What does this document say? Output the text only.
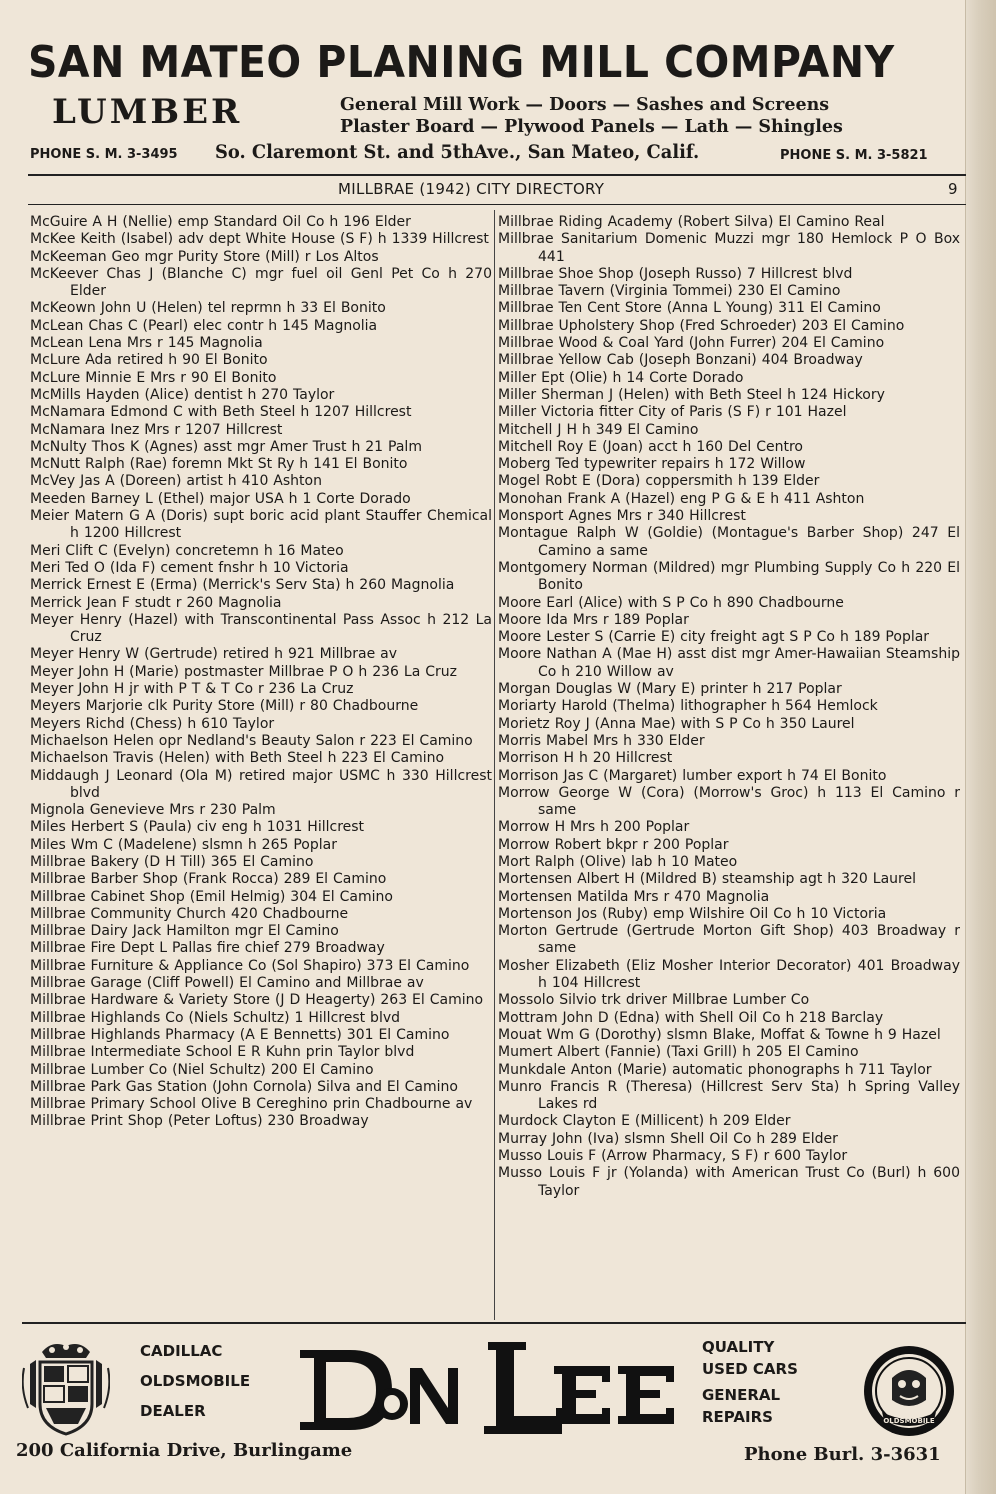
SAN MATEO PLANING MILL COMPANY
LUMBER	General Mill Work — Doors — Sashes and Screens
Plaster Board — Plywood Panels — Lath — Shingles
PHONE S. M. 3-3495 So. Claremont St. and 5thAve., San Mateo, Calif.	PHONE S. M. 3-5821
MILLBRAE (1942) CITY DIRECTORY	9
McGuire A H (Nellie) emp Standard Oil Co h 196 Elder
McKee Keith (Isabel) adv dept White House (S F) h 1339 Hillcrest
McKeeman Geo mgr Purity Store (Mill) r Los Altos
McKeever Chas J (Blanche C) mgr fuel oil Genl Pet Co h 270 Elder
McKeown John U (Helen) tel reprmn h 33 El Bonito
McLean Chas C (Pearl) elec contr h 145 Magnolia
McLean Lena Mrs r 145 Magnolia
McLure Ada retired h 90 El Bonito
McLure Minnie E Mrs r 90 El Bonito
McMills Hayden (Alice) dentist h 270 Taylor
McNamara Edmond C with Beth Steel h 1207 Hillcrest
McNamara Inez Mrs r 1207 Hillcrest
McNulty Thos K (Agnes) asst mgr Amer Trust h 21 Palm
McNutt Ralph (Rae) foremn Mkt St Ry h 141 El Bonito
McVey Jas A (Doreen) artist h 410 Ashton
Meeden Barney L (Ethel) major USA h 1 Corte Dorado
Meier Matern G A (Doris) supt boric acid plant Stauffer Chemical h 1200 Hillcrest
Meri Clift C (Evelyn) concretemn h 16 Mateo
Meri Ted O (Ida F) cement fnshr h 10 Victoria
Merrick Ernest E (Erma) (Merrick's Serv Sta) h 260 Magnolia
Merrick Jean F studt r 260 Magnolia
Meyer Henry (Hazel) with Transcontinental Pass Assoc h 212 La Cruz
Meyer Henry W (Gertrude) retired h 921 Millbrae av
Meyer John H (Marie) postmaster Millbrae P O h 236 La Cruz
Meyer John H jr with P T & T Co r 236 La Cruz
Meyers Marjorie clk Purity Store (Mill) r 80 Chadbourne
Meyers Richd (Chess) h 610 Taylor
Michaelson Helen opr Nedland's Beauty Salon r 223 El Camino
Michaelson Travis (Helen) with Beth Steel h 223 El Camino
Middaugh J Leonard (Ola M) retired major USMC h 330 Hillcrest blvd
Mignola Genevieve Mrs r 230 Palm
Miles Herbert S (Paula) civ eng h 1031 Hillcrest
Miles Wm C (Madelene) slsmn h 265 Poplar
Millbrae Bakery (D H Till) 365 El Camino
Millbrae Barber Shop (Frank Rocca) 289 El Camino
Millbrae Cabinet Shop (Emil Helmig) 304 El Camino
Millbrae Community Church 420 Chadbourne
Millbrae Dairy Jack Hamilton mgr El Camino
Millbrae Fire Dept L Pallas fire chief 279 Broadway
Millbrae Furniture & Appliance Co (Sol Shapiro) 373 El Camino
Millbrae Garage (Cliff Powell) El Camino and Millbrae av
Millbrae Hardware & Variety Store (J D Heagerty) 263 El Camino
Millbrae Highlands Co (Niels Schultz) 1 Hillcrest blvd
Millbrae Highlands Pharmacy (A E Bennetts) 301 El Camino
Millbrae Intermediate School E R Kuhn prin Taylor blvd
Millbrae Lumber Co (Niel Schultz) 200 El Camino
Millbrae Park Gas Station (John Cornola) Silva and El Camino
Millbrae Primary School Olive B Cereghino prin Chadbourne av
Millbrae Print Shop (Peter Loftus) 230 Broadway
Millbrae Riding Academy (Robert Silva) El Camino Real
Millbrae Sanitarium Domenic Muzzi mgr 180 Hemlock P O Box 441
Millbrae Shoe Shop (Joseph Russo) 7 Hillcrest blvd
Millbrae Tavern (Virginia Tommei) 230 El Camino
Millbrae Ten Cent Store (Anna L Young) 311 El Camino
Millbrae Upholstery Shop (Fred Schroeder) 203 El Camino
Millbrae Wood & Coal Yard (John Furrer) 204 El Camino
Millbrae Yellow Cab (Joseph Bonzani) 404 Broadway
Miller Ept (Olie) h 14 Corte Dorado
Miller Sherman J (Helen) with Beth Steel h 124 Hickory
Miller Victoria fitter City of Paris (S F) r 101 Hazel
Mitchell J H h 349 El Camino
Mitchell Roy E (Joan) acct h 160 Del Centro
Moberg Ted typewriter repairs h 172 Willow
Mogel Robt E (Dora) coppersmith h 139 Elder
Monohan Frank A (Hazel) eng P G & E h 411 Ashton
Monsport Agnes Mrs r 340 Hillcrest
Montague Ralph W (Goldie) (Montague's Barber Shop) 247 El Camino a same
Montgomery Norman (Mildred) mgr Plumbing Supply Co h 220 El Bonito
Moore Earl (Alice) with S P Co h 890 Chadbourne
Moore Ida Mrs r 189 Poplar
Moore Lester S (Carrie E) city freight agt S P Co h 189 Poplar
Moore Nathan A (Mae H) asst dist mgr Amer-Hawaiian Steamship Co h 210 Willow av
Morgan Douglas W (Mary E) printer h 217 Poplar
Moriarty Harold (Thelma) lithographer h 564 Hemlock
Morietz Roy J (Anna Mae) with S P Co h 350 Laurel
Morris Mabel Mrs h 330 Elder
Morrison H h 20 Hillcrest
Morrison Jas C (Margaret) lumber export h 74 El Bonito
Morrow George W (Cora) (Morrow's Groc) h 113 El Camino r same
Morrow H Mrs h 200 Poplar
Morrow Robert bkpr r 200 Poplar
Mort Ralph (Olive) lab h 10 Mateo
Mortensen Albert H (Mildred B) steamship agt h 320 Laurel
Mortensen Matilda Mrs r 470 Magnolia
Mortenson Jos (Ruby) emp Wilshire Oil Co h 10 Victoria
Morton Gertrude (Gertrude Morton Gift Shop) 403 Broadway r same
Mosher Elizabeth (Eliz Mosher Interior Decorator) 401 Broadway h 104 Hillcrest
Mossolo Silvio trk driver Millbrae Lumber Co
Mottram John D (Edna) with Shell Oil Co h 218 Barclay
Mouat Wm G (Dorothy) slsmn Blake, Moffat & Towne h 9 Hazel
Mumert Albert (Fannie) (Taxi Grill) h 205 El Camino
Munkdale Anton (Marie) automatic phonographs h 711 Taylor
Munro Francis R (Theresa) (Hillcrest Serv Sta) h Spring Valley Lakes rd
Murdock Clayton E (Millicent) h 209 Elder
Murray John (Iva) slsmn Shell Oil Co h 289 Elder
Musso Louis F (Arrow Pharmacy, S F) r 600 Taylor
Musso Louis F jr (Yolanda) with American Trust Co (Burl) h 600 Taylor
CADILLAC
OLDSMOBILE
DEALER
QUALITY
USED CARS
GENERAL
REPAIRS	OLDSMOBILE
200 California Drive, Burlingame	Phone Burl. 3-3631
